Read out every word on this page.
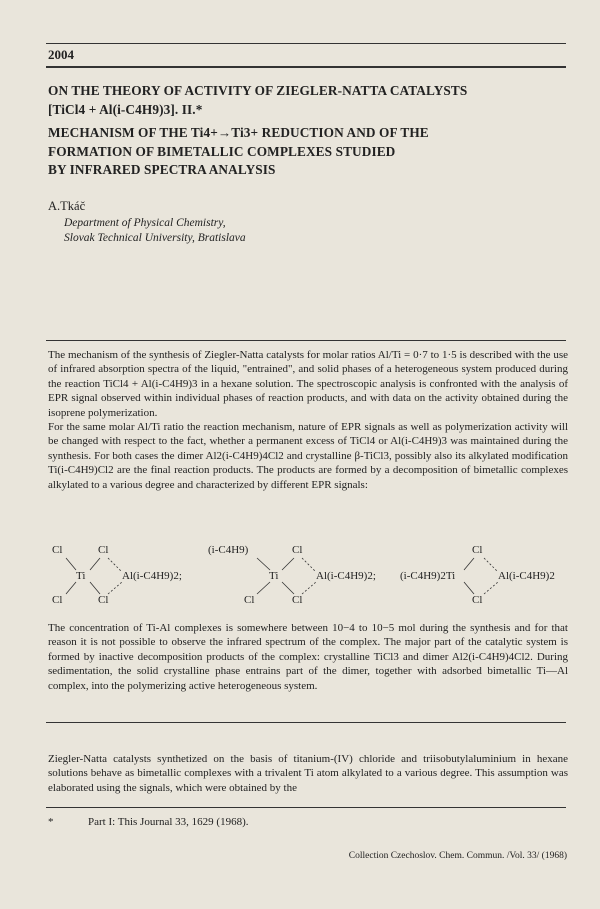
2004
ON THE THEORY OF ACTIVITY OF ZIEGLER-NATTA CATALYSTS
[TiCl4 + Al(i-C4H9)3]. II.*
MECHANISM OF THE Ti4+→Ti3+ REDUCTION AND OF THE
FORMATION OF BIMETALLIC COMPLEXES STUDIED
BY INFRARED SPECTRA ANALYSIS
A.Tkáč
Department of Physical Chemistry,
Slovak Technical University, Bratislava

The mechanism of the synthesis of Ziegler-Natta catalysts for molar ratios Al/Ti = 0·7 to 1·5 is described with the use of infrared absorption spectra of the liquid, "entrained", and solid phases of a heterogeneous system produced during the reaction TiCl4 + Al(i-C4H9)3 in a hexane solution. The spectroscopic analysis is confronted with the analysis of EPR signal observed within individual phases of reaction products, and with data on the activity obtained during the isoprene polymerization.

For the same molar Al/Ti ratio the reaction mechanism, nature of EPR signals as well as polymerization activity will be changed with respect to the fact, whether a permanent excess of TiCl4 or Al(i-C4H9)3 was maintained during the synthesis. For both cases the dimer Al2(i-C4H9)4Cl2 and crystalline β-TiCl3, possibly also its alkylated modification Ti(i-C4H9)Cl2 are the final reaction products. The products are formed by a decomposition of bimetallic complexes alkylated to a various degree and characterized by different EPR signals:

Cl	Cl
Ti	Al(i-C4H9)2;
Cl	Cl
(i-C4H9)	Cl
Ti	Al(i-C4H9)2;
Cl	Cl
(i-C4H9)2Ti
Cl
Al(i-C4H9)2
Cl

The concentration of Ti-Al complexes is somewhere between 10−4 to 10−5 mol during the synthesis and for that reason it is not possible to observe the infrared spectrum of the complex. The major part of the catalytic system is formed by inactive decomposition products of the complex: crystalline TiCl3 and dimer Al2(i-C4H9)4Cl2. During sedimentation, the solid crystalline phase entrains part of the dimer, together with adsorbed bimetallic Ti—Al complex, into the polymerizing active heterogeneous system.

Ziegler-Natta catalysts synthetized on the basis of titanium-(IV) chloride and triisobutylaluminium in hexane solutions behave as bimetallic complexes with a trivalent Ti atom alkylated to a various degree. This assumption was elaborated using the signals, which were obtained by the

*	Part I: This Journal 33, 1629 (1968).
Collection Czechoslov. Chem. Commun. /Vol. 33/ (1968)
